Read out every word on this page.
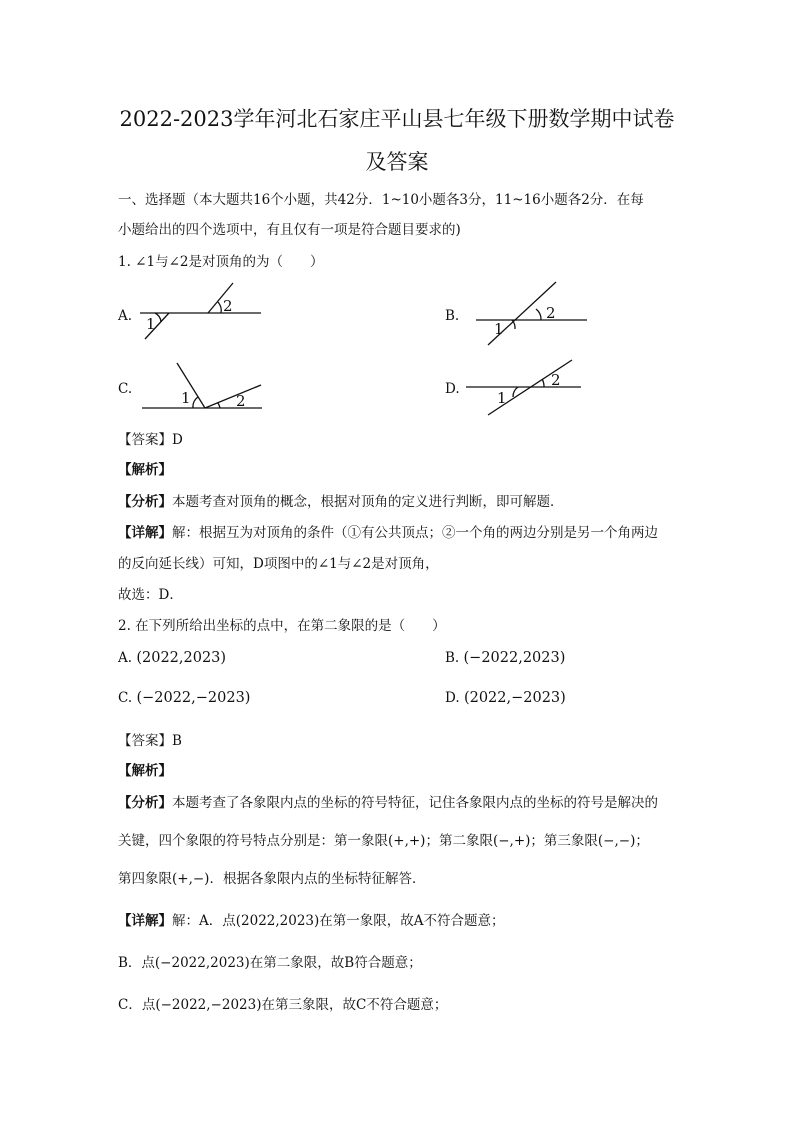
2022-2023学年河北石家庄平山县七年级下册数学期中试卷
及答案
一、选择题（本大题共16个小题，共42分．1~10小题各3分，11~16小题各2分．在每
小题给出的四个选项中，有且仅有一项是符合题目要求的)
1. ∠1与∠2是对顶角的为（　　）
A. 1
2
B.
1
2
C.	1	2
D. 1
2
【答案】D
【解析】
【分析】本题考查对顶角的概念，根据对顶角的定义进行判断，即可解题．
【详解】解：根据互为对顶角的条件（①有公共顶点；②一个角的两边分别是另一个角两边
的反向延长线）可知，D项图中的∠1与∠2是对顶角，
故选：D．
2. 在下列所给出坐标的点中，在第二象限的是（　　）
A. (2022,2023)	B. (−2022,2023)
C. (−2022,−2023)	D. (2022,−2023)
【答案】B
【解析】
【分析】本题考查了各象限内点的坐标的符号特征，记住各象限内点的坐标的符号是解决的
关键，四个象限的符号特点分别是：第一象限(+,+)；第二象限(−,+)；第三象限(−,−)；
第四象限(+,−)．根据各象限内点的坐标特征解答．
【详解】解：A．点(2022,2023)在第一象限，故A不符合题意；
B．点(−2022,2023)在第二象限，故B符合题意；
C．点(−2022,−2023)在第三象限，故C不符合题意；
